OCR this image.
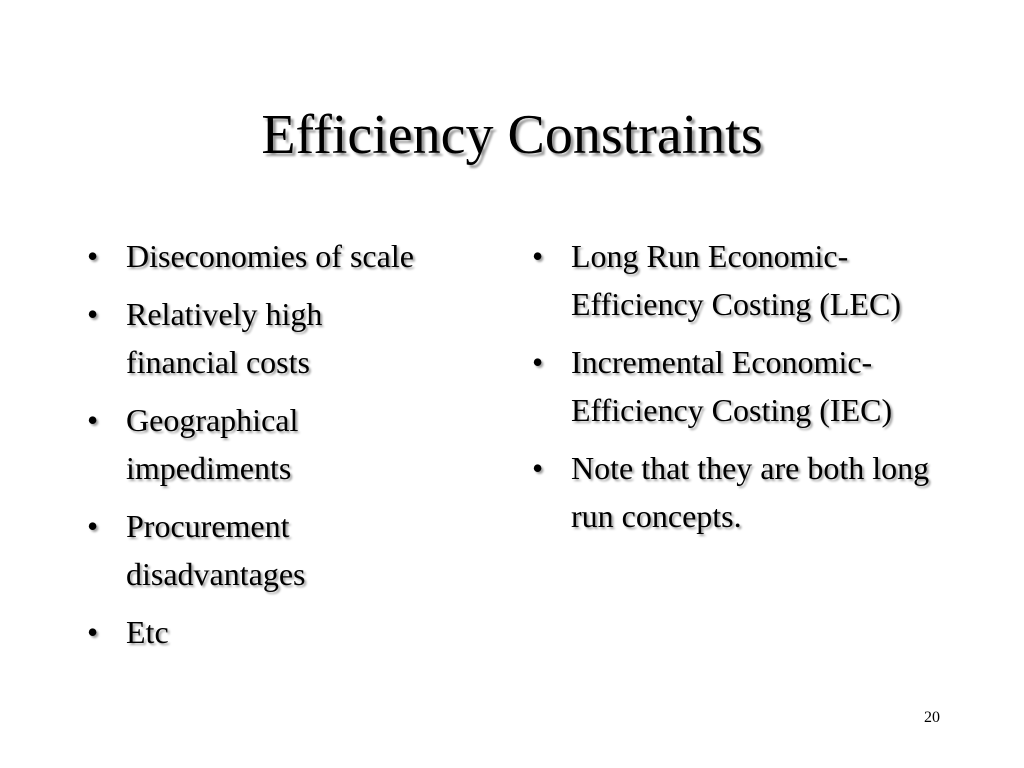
Efficiency Constraints
• Diseconomies of scale
• Relatively high financial costs
• Geographical impediments
• Procurement disadvantages
• Etc
• Long Run Economic-Efficiency Costing (LEC)
• Incremental Economic-Efficiency Costing (IEC)
• Note that they are both long run concepts.
20
